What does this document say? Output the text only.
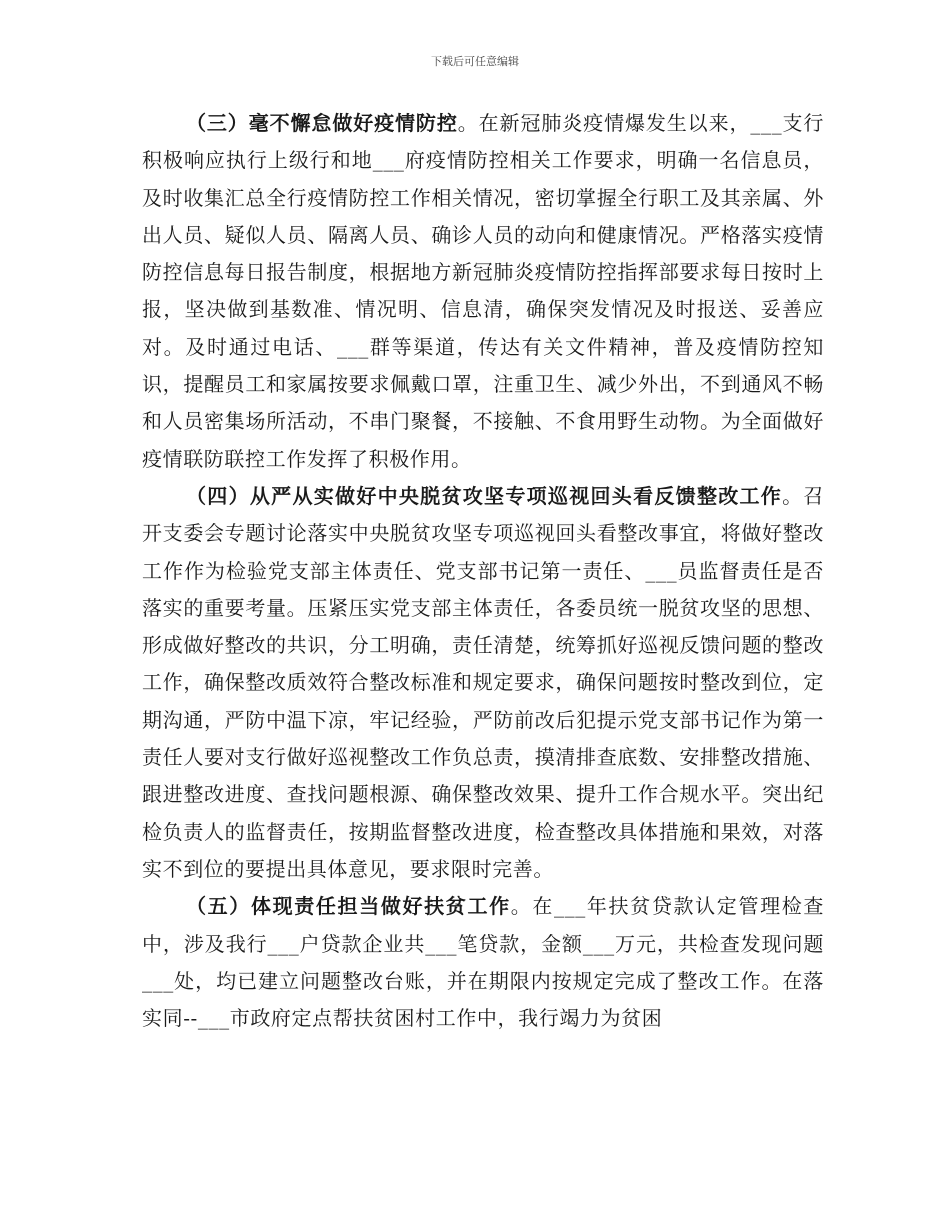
下载后可任意编辑

（三）毫不懈怠做好疫情防控。在新冠肺炎疫情爆发生以来，___支行积极响应执行上级行和地___府疫情防控相关工作要求，明确一名信息员，及时收集汇总全行疫情防控工作相关情况，密切掌握全行职工及其亲属、外出人员、疑似人员、隔离人员、确诊人员的动向和健康情况。严格落实疫情防控信息每日报告制度，根据地方新冠肺炎疫情防控指挥部要求每日按时上报，坚决做到基数准、情况明、信息清，确保突发情况及时报送、妥善应对。及时通过电话、___群等渠道，传达有关文件精神，普及疫情防控知识，提醒员工和家属按要求佩戴口罩，注重卫生、减少外出，不到通风不畅和人员密集场所活动，不串门聚餐，不接触、不食用野生动物。为全面做好疫情联防联控工作发挥了积极作用。

（四）从严从实做好中央脱贫攻坚专项巡视回头看反馈整改工作。召开支委会专题讨论落实中央脱贫攻坚专项巡视回头看整改事宜，将做好整改工作作为检验党支部主体责任、党支部书记第一责任、___员监督责任是否落实的重要考量。压紧压实党支部主体责任，各委员统一脱贫攻坚的思想、形成做好整改的共识，分工明确，责任清楚，统筹抓好巡视反馈问题的整改工作，确保整改质效符合整改标准和规定要求，确保问题按时整改到位，定期沟通，严防中温下凉，牢记经验，严防前改后犯提示党支部书记作为第一责任人要对支行做好巡视整改工作负总责，摸清排查底数、安排整改措施、跟进整改进度、查找问题根源、确保整改效果、提升工作合规水平。突出纪检负责人的监督责任，按期监督整改进度，检查整改具体措施和果效，对落实不到位的要提出具体意见，要求限时完善。

（五）体现责任担当做好扶贫工作。在___年扶贫贷款认定管理检查中，涉及我行___户贷款企业共___笔贷款，金额___万元，共检查发现问题___处，均已建立问题整改台账，并在期限内按规定完成了整改工作。在落实同--___市政府定点帮扶贫困村工作中，我行竭力为贫困
